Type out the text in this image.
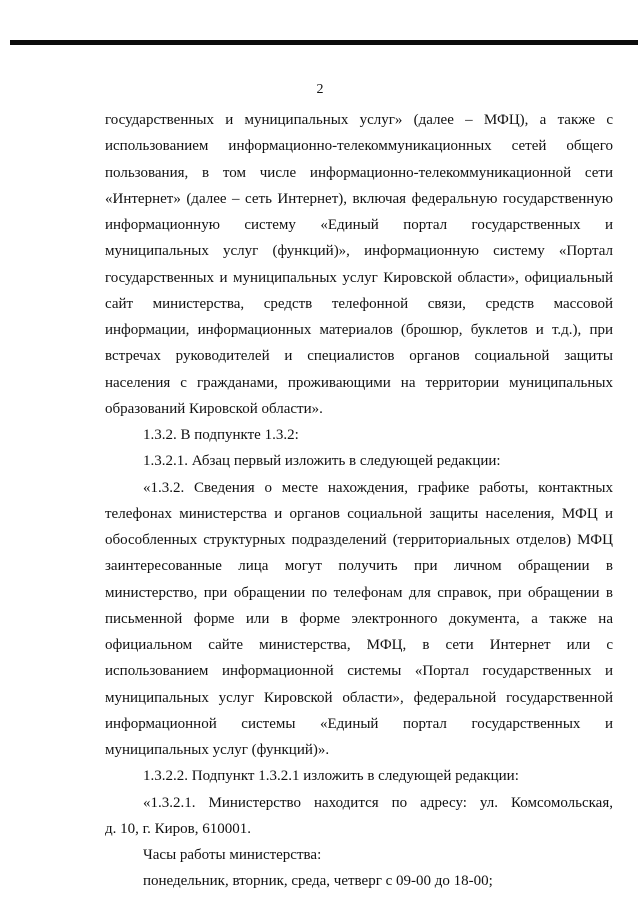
2

государственных и муниципальных услуг» (далее – МФЦ), а также с

использованием информационно-телекоммуникационных сетей общего

пользования, в том числе информационно-телекоммуникационной сети

«Интернет» (далее – сеть Интернет), включая федеральную государственную

информационную систему «Единый портал государственных и

муниципальных услуг (функций)», информационную систему «Портал

государственных и муниципальных услуг Кировской области», официальный

сайт министерства, средств телефонной связи, средств массовой

информации, информационных материалов (брошюр, буклетов и т.д.), при

встречах руководителей и специалистов органов социальной защиты

населения с гражданами, проживающими на территории муниципальных

образований Кировской области».

1.3.2. В подпункте 1.3.2:

1.3.2.1. Абзац первый изложить в следующей редакции:

«1.3.2. Сведения о месте нахождения, графике работы, контактных

телефонах министерства и органов социальной защиты населения, МФЦ и

обособленных структурных подразделений (территориальных отделов) МФЦ

заинтересованные лица могут получить при личном обращении в

министерство, при обращении по телефонам для справок, при обращении в

письменной форме или в форме электронного документа, а также на

официальном сайте министерства, МФЦ, в сети Интернет или с

использованием информационной системы «Портал государственных и

муниципальных услуг Кировской области», федеральной государственной

информационной системы «Единый портал государственных и

муниципальных услуг (функций)».

1.3.2.2. Подпункт 1.3.2.1 изложить в следующей редакции:

«1.3.2.1. Министерство находится по адресу: ул. Комсомольская,

д. 10, г. Киров, 610001.

Часы работы министерства:

понедельник, вторник, среда, четверг с 09-00 до 18-00;
